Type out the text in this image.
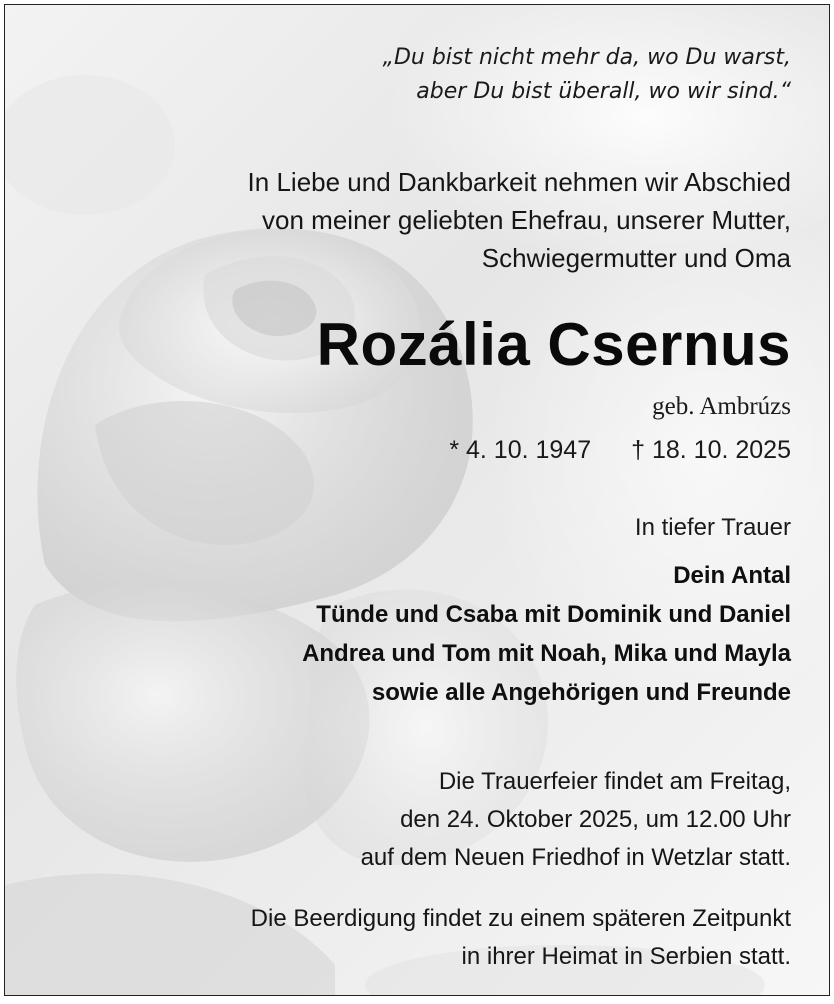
„Du bist nicht mehr da, wo Du warst,
aber Du bist überall, wo wir sind.“
In Liebe und Dankbarkeit nehmen wir Abschied
von meiner geliebten Ehefrau, unserer Mutter,
Schwiegermutter und Oma
Rozália Csernus
geb. Ambrúzs
* 4. 10. 1947 † 18. 10. 2025
In tiefer Trauer
Dein Antal
Tünde und Csaba mit Dominik und Daniel
Andrea und Tom mit Noah, Mika und Mayla
sowie alle Angehörigen und Freunde
Die Trauerfeier findet am Freitag,
den 24. Oktober 2025, um 12.00 Uhr
auf dem Neuen Friedhof in Wetzlar statt.
Die Beerdigung findet zu einem späteren Zeitpunkt
in ihrer Heimat in Serbien statt.
